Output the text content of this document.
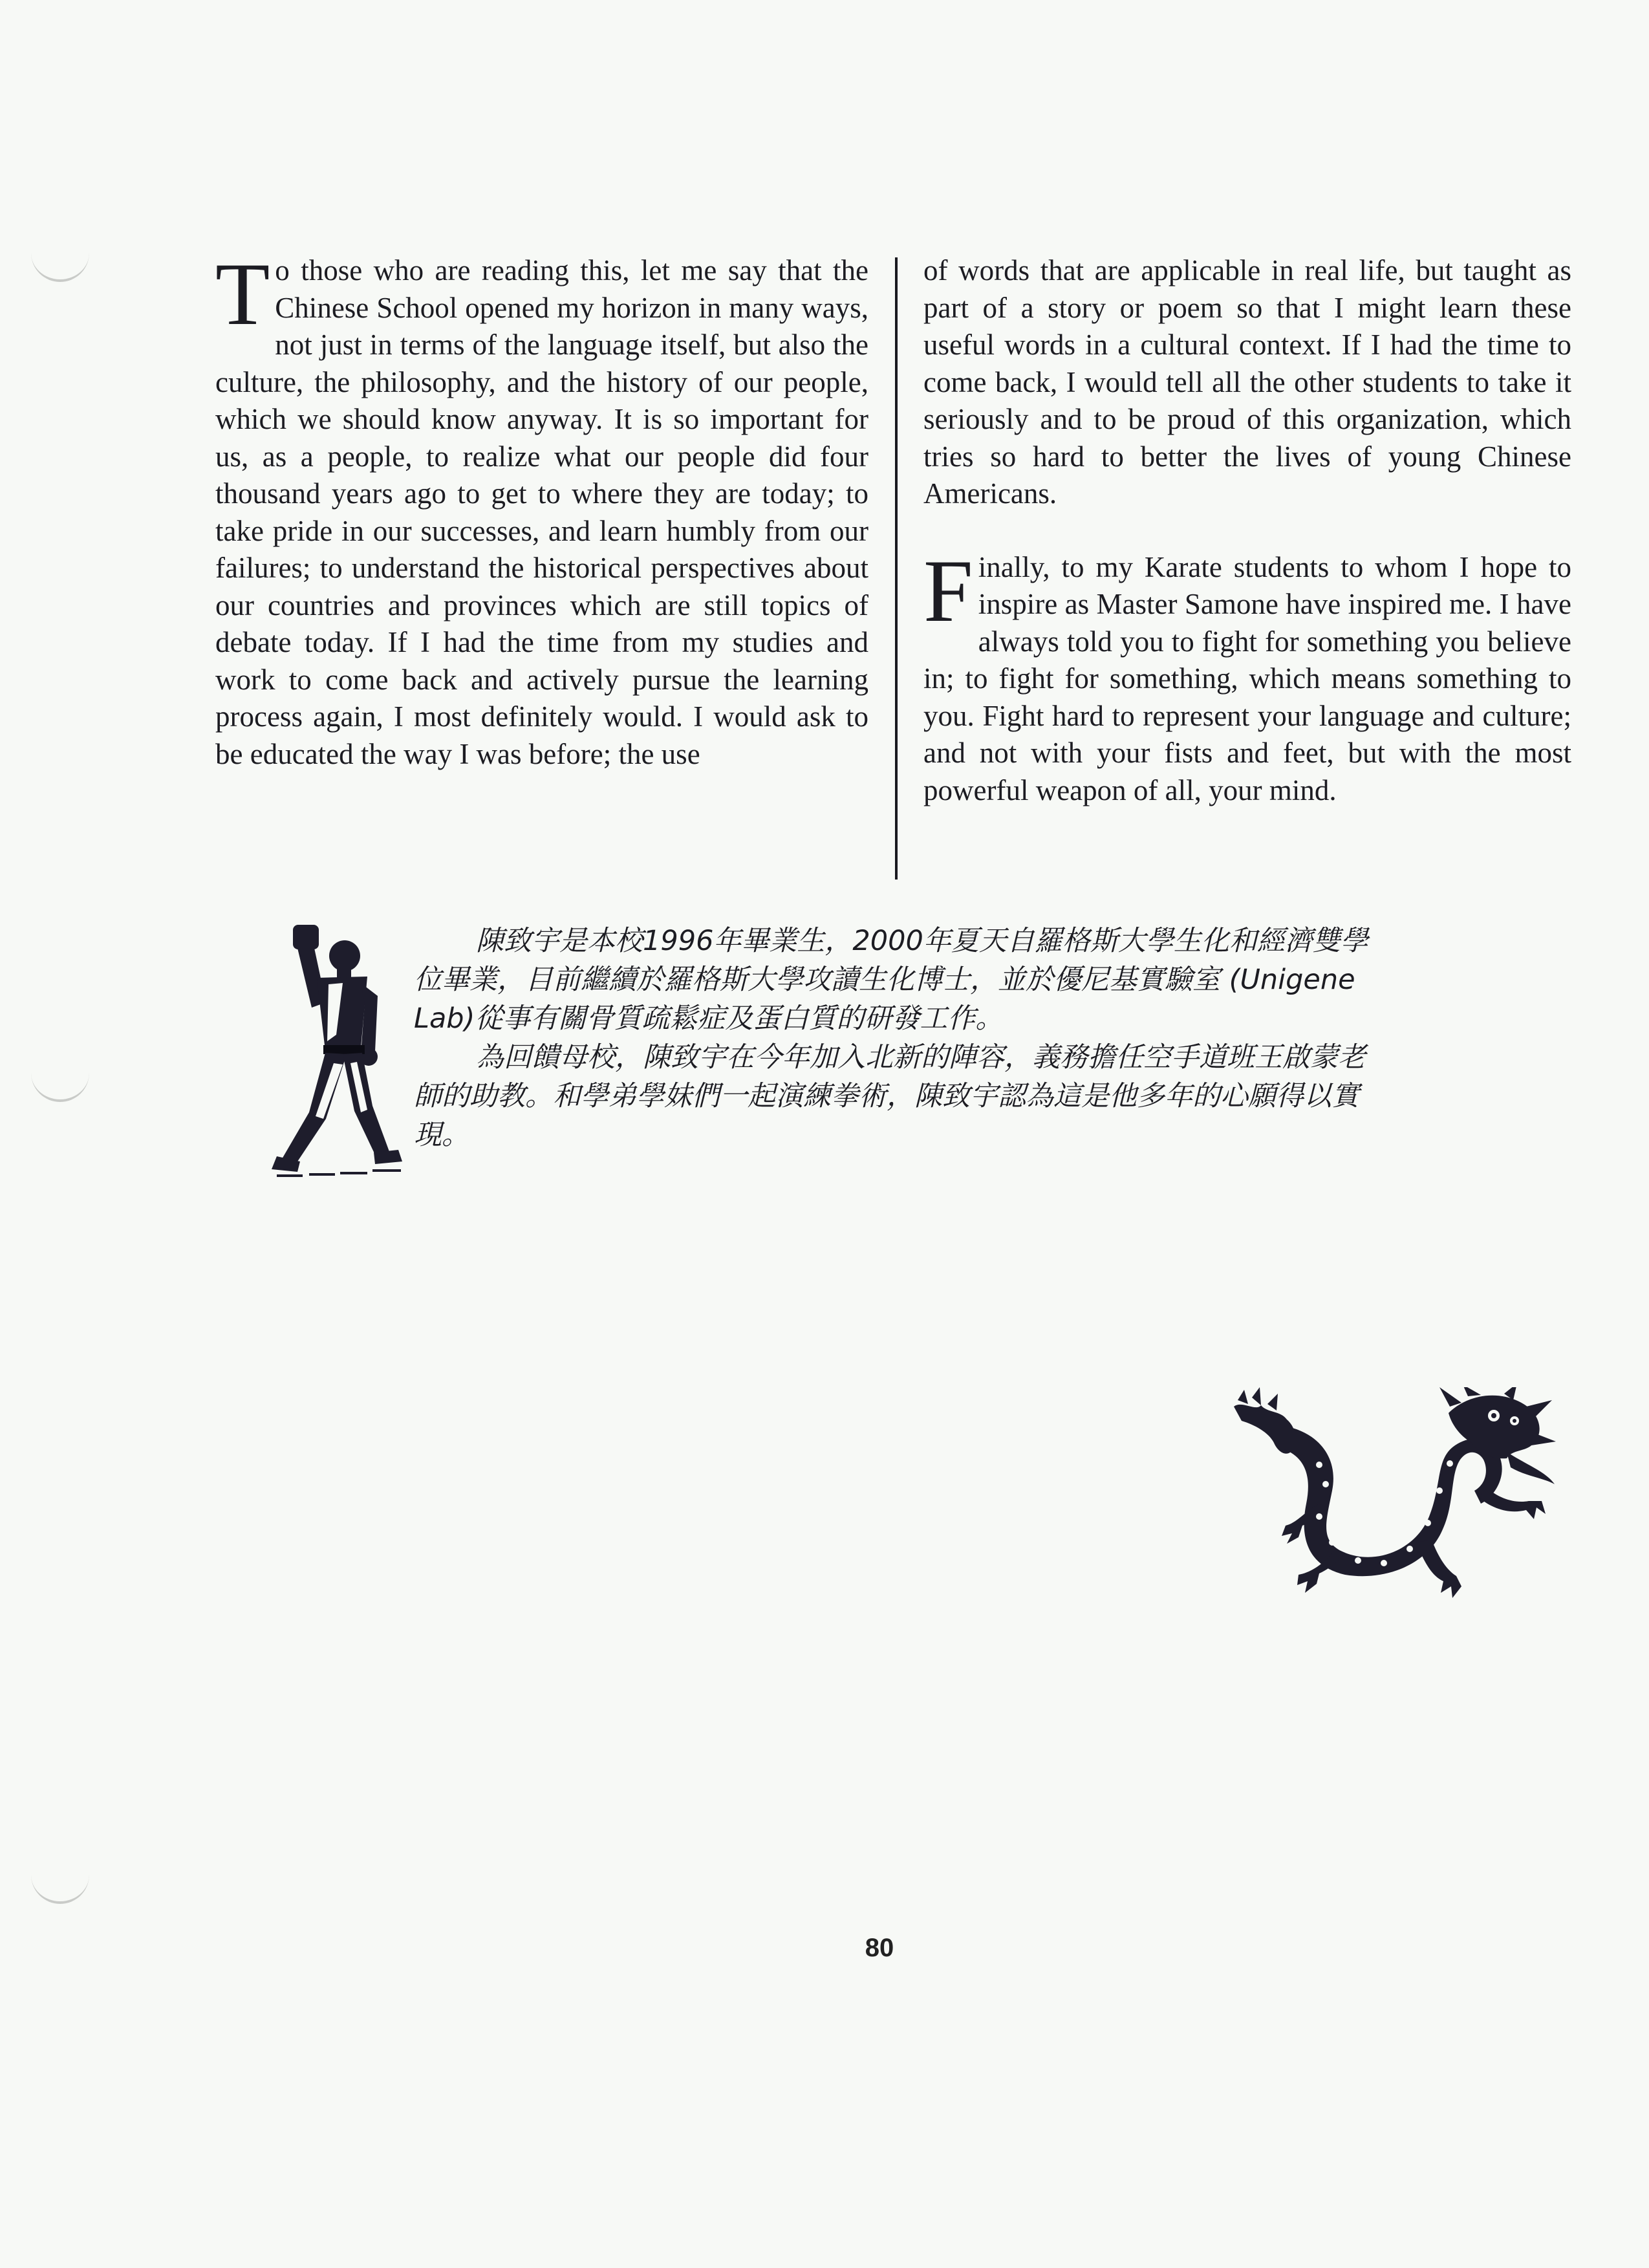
To those who are reading this, let me say that the Chinese School opened my horizon in many ways, not just in terms of the language itself, but also the culture, the philosophy, and the history of our people, which we should know anyway. It is so important for us, as a people, to realize what our people did four thousand years ago to get to where they are today; to take pride in our successes, and learn humbly from our failures; to understand the historical perspectives about our countries and provinces which are still topics of debate today. If I had the time from my studies and work to come back and actively pursue the learning process again, I most definitely would. I would ask to be educated the way I was before; the use

of words that are applicable in real life, but taught as part of a story or poem so that I might learn these useful words in a cultural context. If I had the time to come back, I would tell all the other students to take it seriously and to be proud of this organization, which tries so hard to better the lives of young Chinese Americans.

Finally, to my Karate students to whom I hope to inspire as Master Samone have inspired me. I have always told you to fight for something you believe in; to fight for something, which means something to you. Fight hard to represent your language and culture; and not with your fists and feet, but with the most powerful weapon of all, your mind.

陳致宇是本校1996年畢業生，2000年夏天自羅格斯大學生化和經濟雙學位畢業，目前繼續於羅格斯大學攻讀生化博士，並於優尼基實驗室 (Unigene Lab)從事有關骨質疏鬆症及蛋白質的研發工作。

為回饋母校，陳致宇在今年加入北新的陣容，義務擔任空手道班王啟蒙老師的助教。和學弟學妹們一起演練拳術，陳致宇認為這是他多年的心願得以實現。

80
